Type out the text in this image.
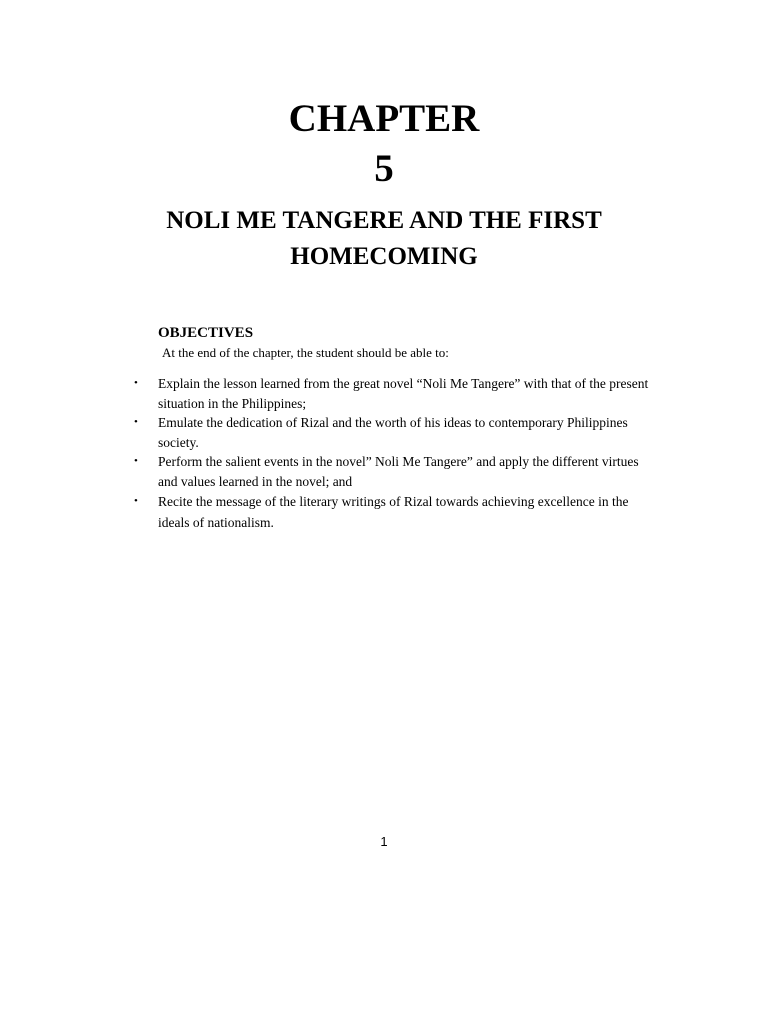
CHAPTER
5
NOLI ME TANGERE AND THE FIRST HOMECOMING
OBJECTIVES
At the end of the chapter, the student should be able to:
• Explain the lesson learned from the great novel “Noli Me Tangere” with that of the present situation in the Philippines;
• Emulate the dedication of Rizal and the worth of his ideas to contemporary Philippines society.
• Perform the salient events in the novel” Noli Me Tangere” and apply the different virtues and values learned in the novel; and
• Recite the message of the literary writings of Rizal towards achieving excellence in the ideals of nationalism.
1
